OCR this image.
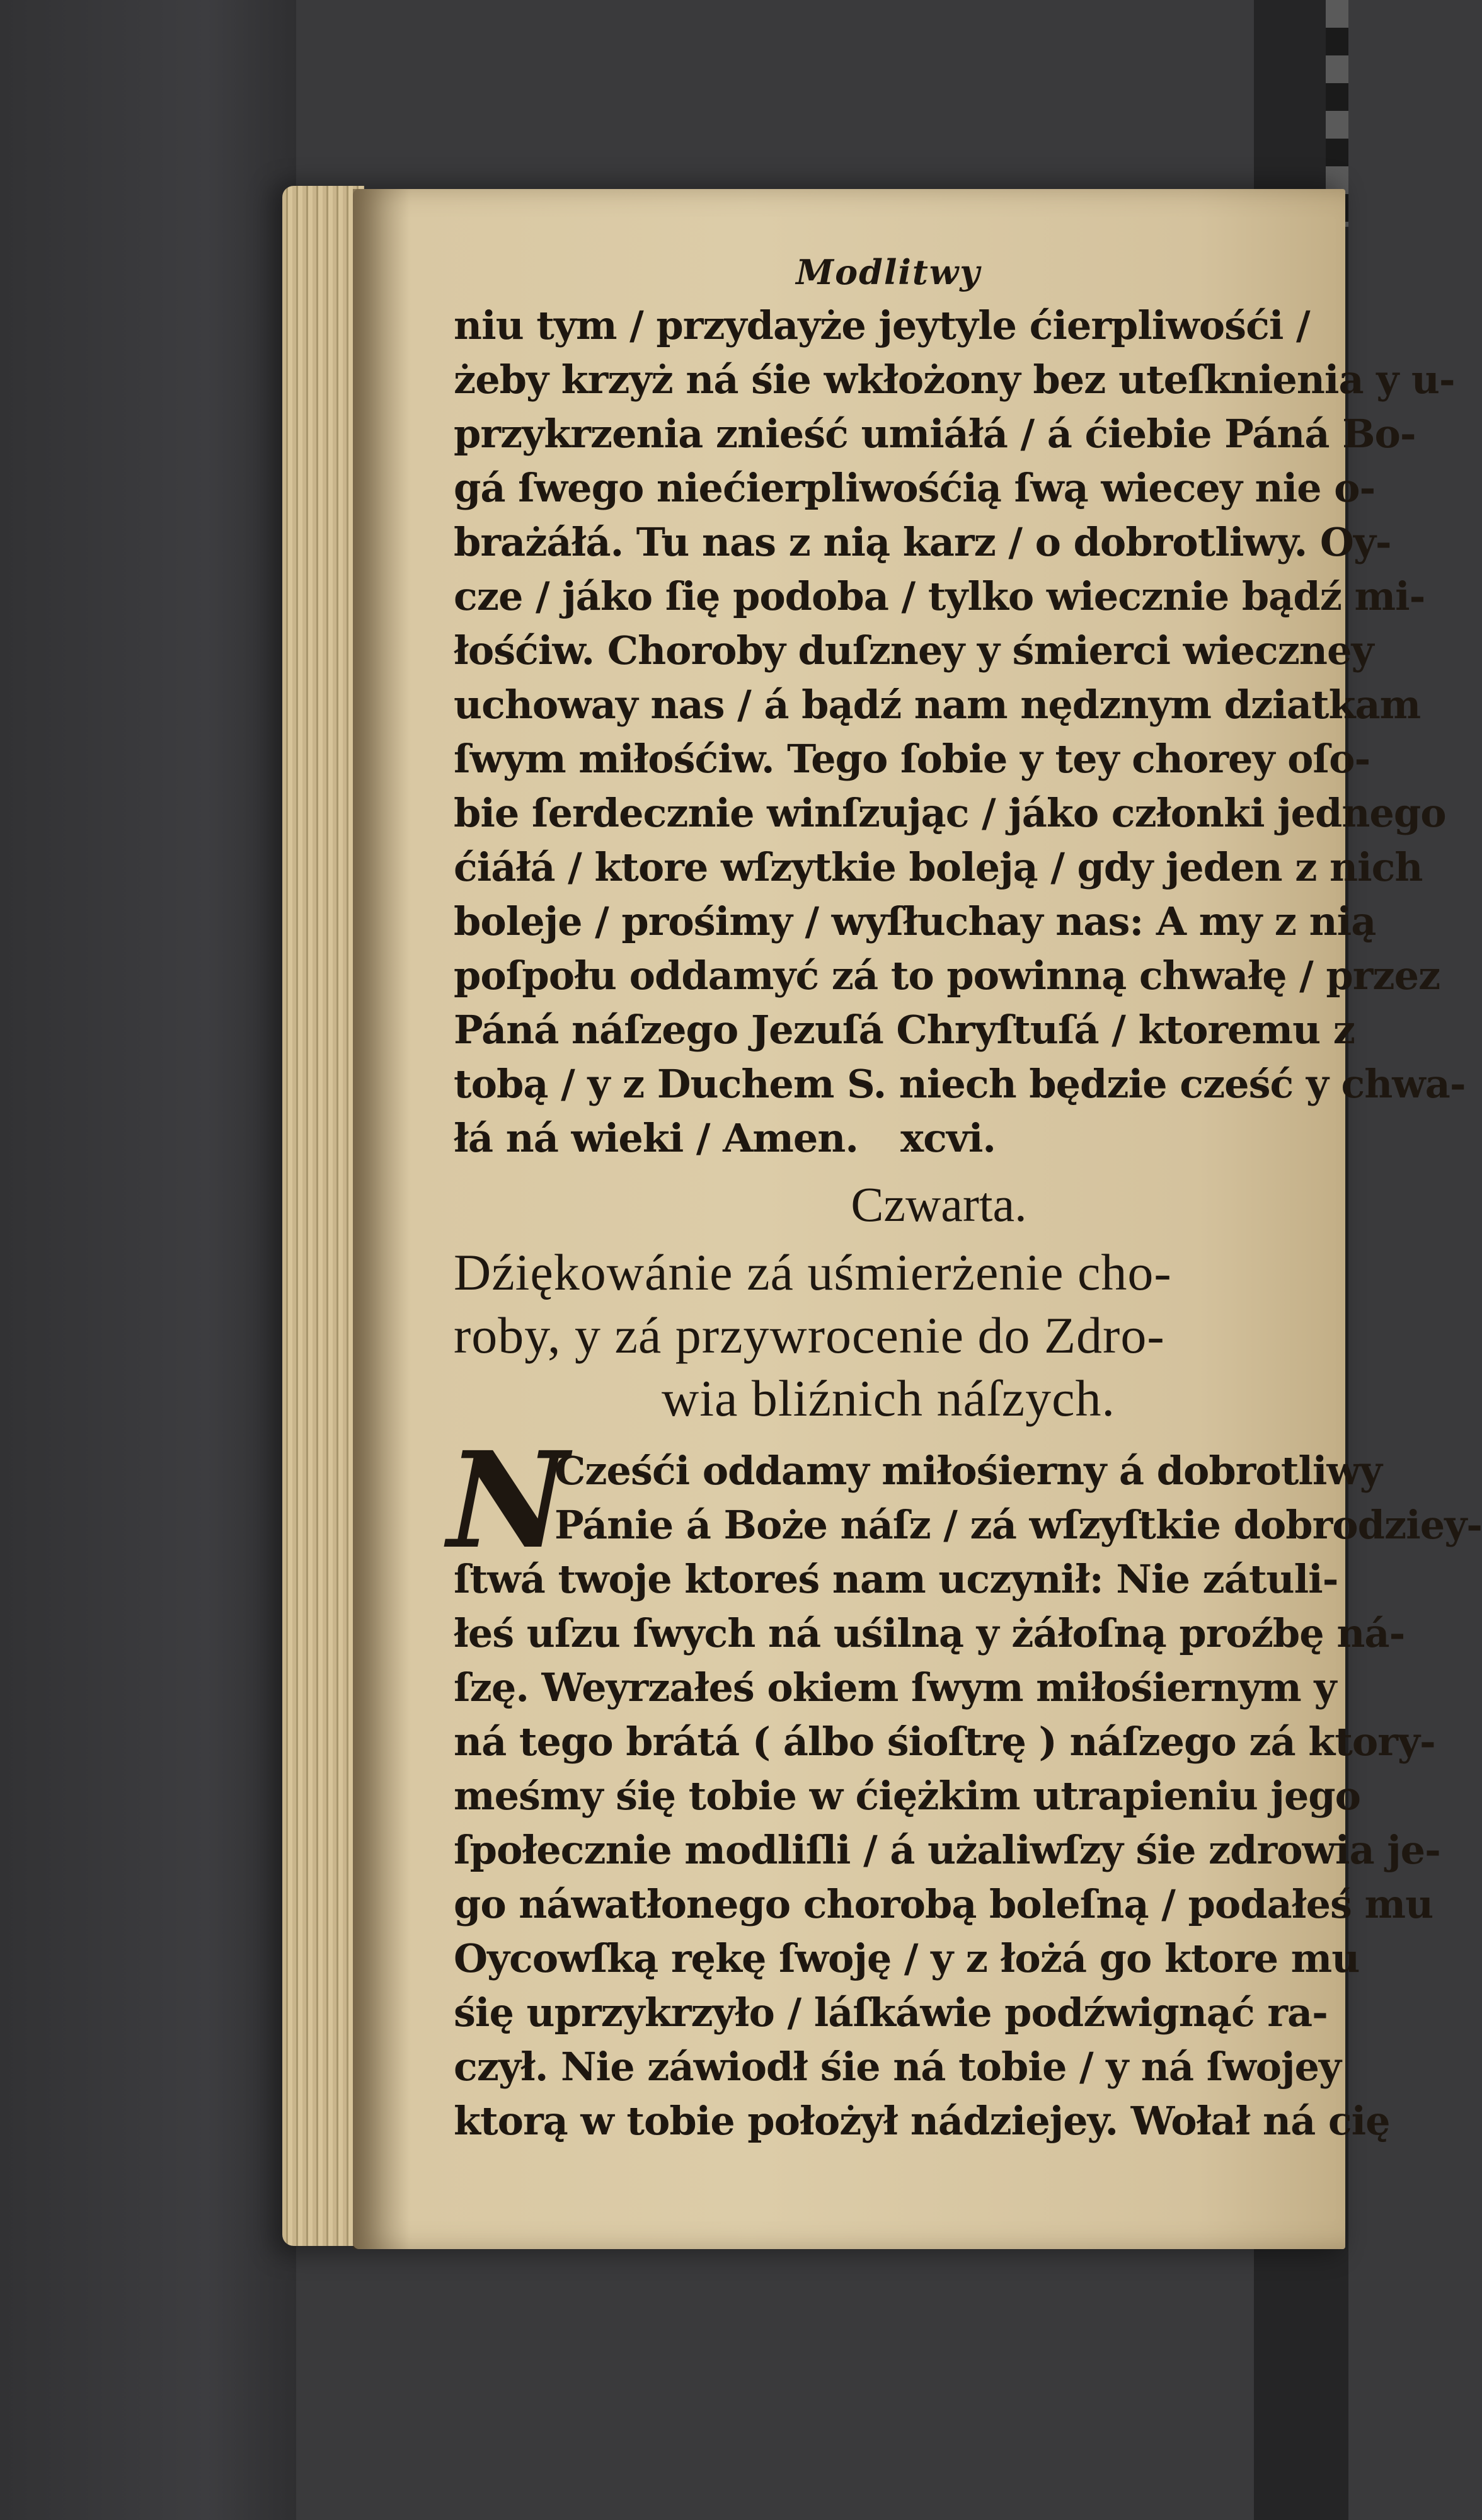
Modlitwy
niu tym / przydayże jeytyle ćierpliwośći /
żeby krzyż ná śie wkłożony bez uteſknienia y u-
przykrzenia znieść umiáłá / á ćiebie Páná Bo-
gá ſwego niećierpliwośćią ſwą wiecey nie o-
brażáłá. Tu nas z nią karz / o dobrotliwy. Oy-
cze / jáko ſię podoba / tylko wiecznie bądź mi-
łośćiw. Choroby duſzney y śmierci wieczney
uchoway nas / á bądź nam nędznym dziatkam
ſwym miłośćiw. Tego ſobie y tey chorey oſo-
bie ſerdecznie winſzując / jáko członki jednego
ćiáłá / ktore wſzytkie boleją / gdy jeden z nich
boleje / prośimy / wyſłuchay nas: A my z nią
poſpołu oddamyć zá to powinną chwałę / przez
Páná náſzego Jezuſá Chryſtuſá / ktoremu z
tobą / y z Duchem S. niech będzie cześć y chwa-
łá ná wieki / Amen. xcvi.
Czwarta.
Dźiękowánie zá uśmierżenie cho-
roby, y zá przywrocenie do Zdro-
wia bliźnich náſzych.
N
Cześći oddamy miłośierny á dobrotliwy
Pánie á Boże náſz / zá wſzyſtkie dobrodziey-
ſtwá twoje ktoreś nam uczynił: Nie zátuli-
łeś uſzu ſwych ná uśilną y żáłoſną proźbę ná-
ſzę. Weyrzałeś okiem ſwym miłośiernym y
ná tego brátá ( álbo śioſtrę ) náſzego zá ktory-
meśmy śię tobie w ćiężkim utrapieniu jego
ſpołecznie modliſli / á użaliwſzy śie zdrowia je-
go náwatłonego chorobą boleſną / podałeś mu
Oycowſką rękę ſwoję / y z łożá go ktore mu
śię uprzykrzyło / láſkáwie podźwignąć ra-
czył. Nie záwiodł śie ná tobie / y ná ſwojey
ktorą w tobie położył nádziejey. Wołał ná cię
